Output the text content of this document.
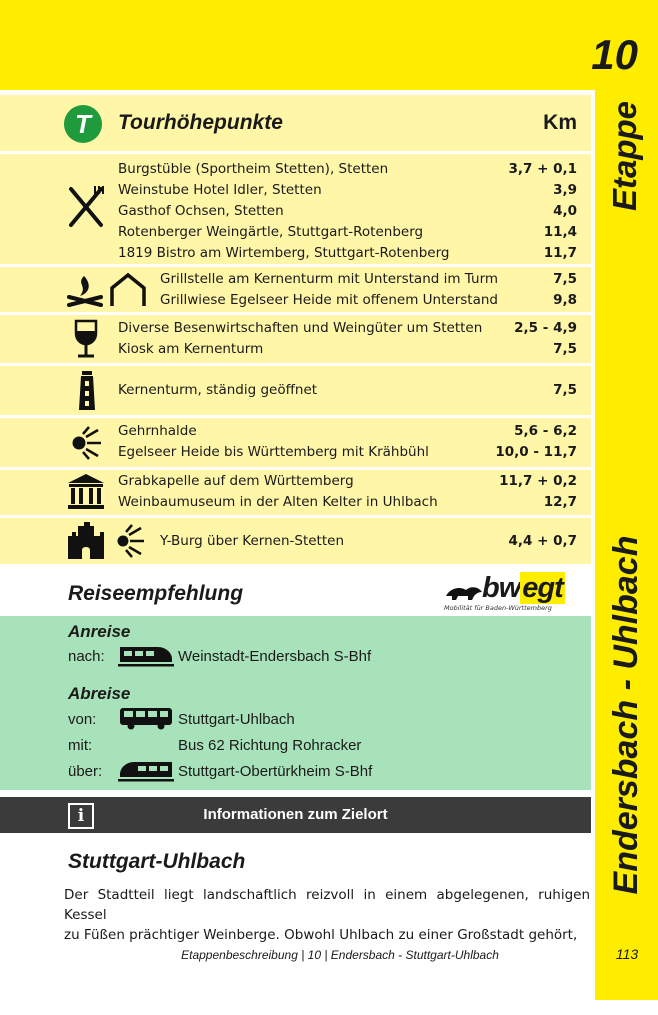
10
Etappe
Endersbach - Uhlbach
113
T	Tourhöhepunkte	Km
Burgstüble (Sportheim Stetten), Stetten	3,7 + 0,1
Weinstube Hotel Idler, Stetten	3,9
Gasthof Ochsen, Stetten	4,0
Rotenberger Weingärtle, Stuttgart-Rotenberg	11,4
1819 Bistro am Wirtemberg, Stuttgart-Rotenberg	11,7
Grillstelle am Kernenturm mit Unterstand im Turm	7,5
Grillwiese Egelseer Heide mit offenem Unterstand	9,8
Diverse Besenwirtschaften und Weingüter um Stetten 2,5 - 4,9
Kiosk am Kernenturm	7,5
Kernenturm, ständig geöffnet	7,5
Gehrnhalde	5,6 - 6,2
Egelseer Heide bis Württemberg mit Krähbühl	10,0 - 11,7
Grabkapelle auf dem Württemberg	11,7 + 0,2
Weinbaumuseum in der Alten Kelter in Uhlbach	12,7
Y-Burg über Kernen-Stetten	4,4 + 0,7
Reiseempfehlung	bwegt
Mobilität für Baden-Württemberg
Anreise
nach:	Weinstadt-Endersbach S-Bhf
Abreise
von:	Stuttgart-Uhlbach
mit:	Bus 62 Richtung Rohracker
über:	Stuttgart-Obertürkheim S-Bhf
i	Informationen zum Zielort
Stuttgart-Uhlbach
Der Stadtteil liegt landschaftlich reizvoll in einem abgelegenen, ruhigen Kessel
zu Füßen prächtiger Weinberge. Obwohl Uhlbach zu einer Großstadt gehört,
Etappenbeschreibung | 10 | Endersbach - Stuttgart-Uhlbach
